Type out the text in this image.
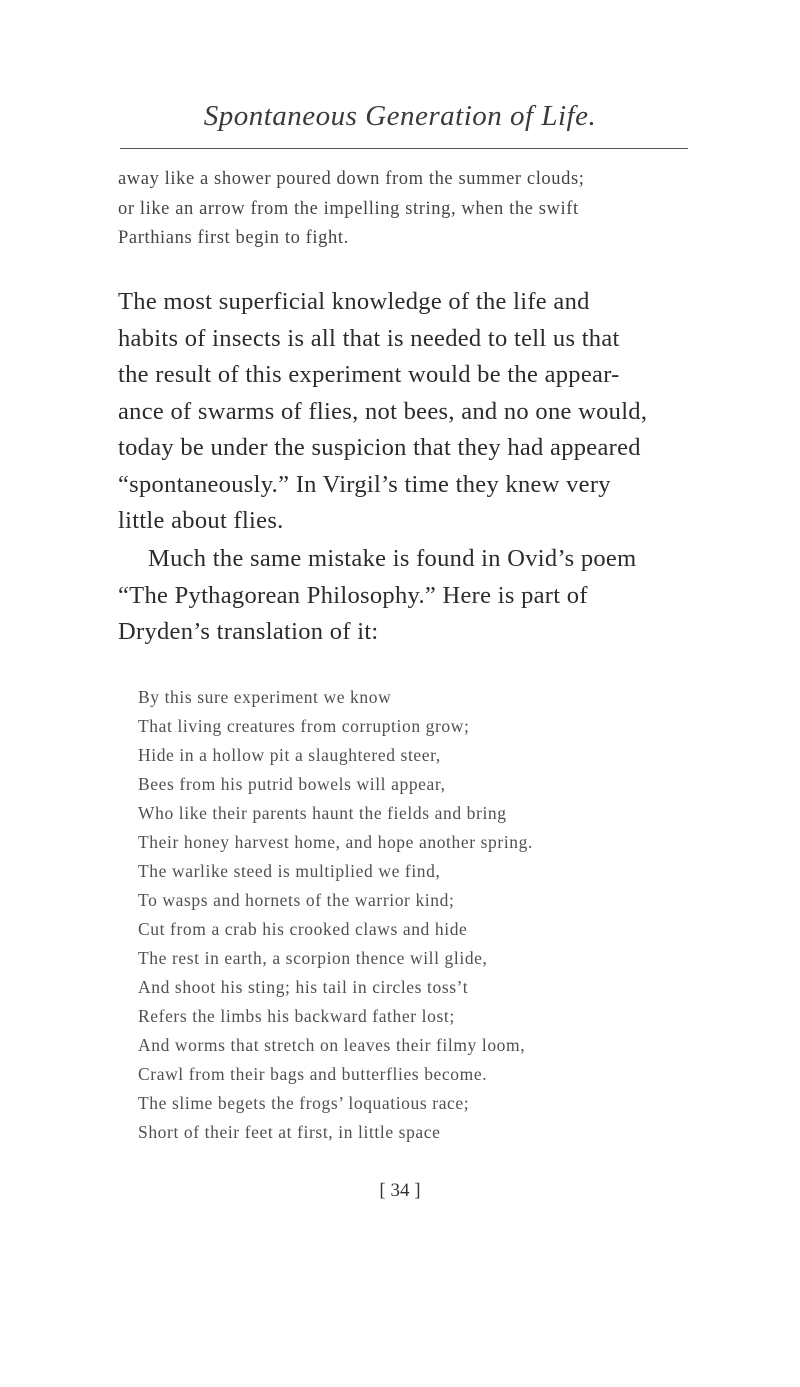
Spontaneous Generation of Life.
away like a shower poured down from the summer clouds;
or like an arrow from the impelling string, when the swift
Parthians first begin to fight.
The most superficial knowledge of the life and
habits of insects is all that is needed to tell us that
the result of this experiment would be the appear-
ance of swarms of flies, not bees, and no one would,
today be under the suspicion that they had appeared
“spontaneously.” In Virgil’s time they knew very
little about flies.
Much the same mistake is found in Ovid’s poem
“The Pythagorean Philosophy.” Here is part of
Dryden’s translation of it:
By this sure experiment we know
That living creatures from corruption grow;
Hide in a hollow pit a slaughtered steer,
Bees from his putrid bowels will appear,
Who like their parents haunt the fields and bring
Their honey harvest home, and hope another spring.
The warlike steed is multiplied we find,
To wasps and hornets of the warrior kind;
Cut from a crab his crooked claws and hide
The rest in earth, a scorpion thence will glide,
And shoot his sting; his tail in circles toss’t
Refers the limbs his backward father lost;
And worms that stretch on leaves their filmy loom,
Crawl from their bags and butterflies become.
The slime begets the frogs’ loquatious race;
Short of their feet at first, in little space
[ 34 ]
